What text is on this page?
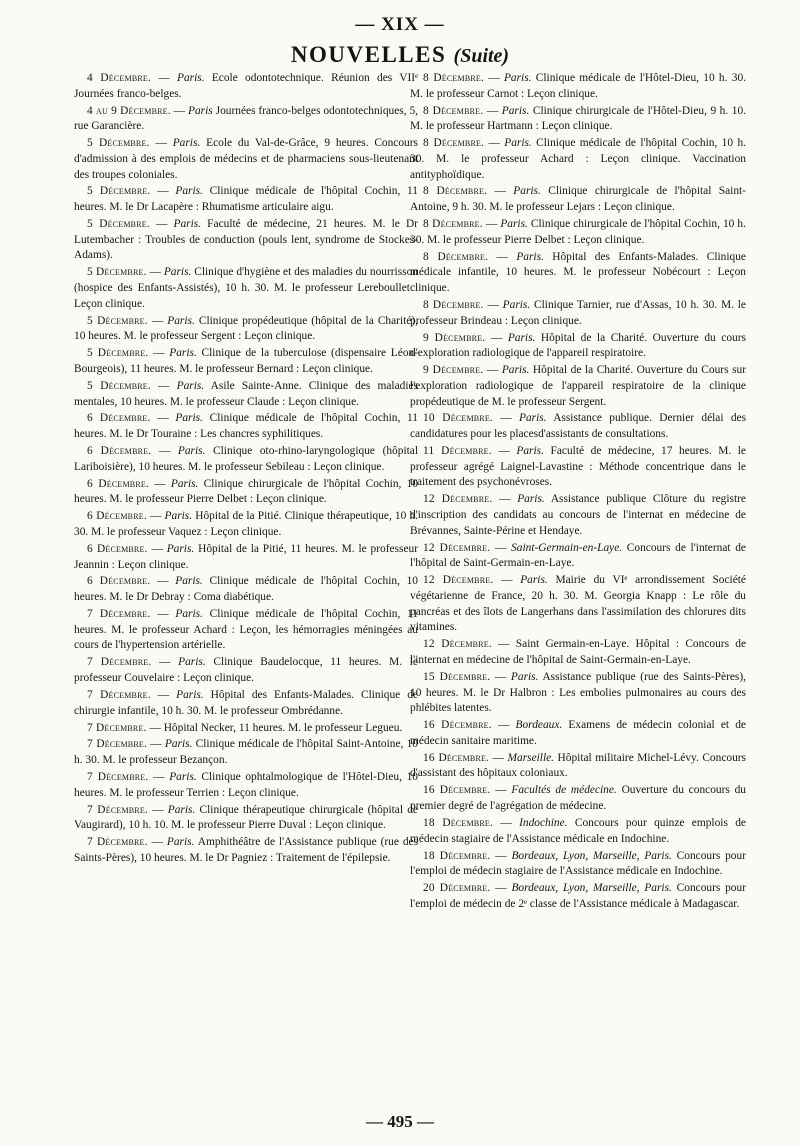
— XIX —
NOUVELLES (Suite)

4 Décembre. — Paris. Ecole odontotechnique. Réunion des VIIᵉ Journées franco-belges.

4 au 9 Décembre. — Paris Journées franco-belges odontotechniques, 5, rue Garancière.

5 Décembre. — Paris. Ecole du Val-de-Grâce, 9 heures. Concours d'admission à des emplois de médecins et de pharmaciens sous-lieutenant des troupes coloniales.

5 Décembre. — Paris. Clinique médicale de l'hôpital Cochin, 11 heures. M. le Dr Lacapère : Rhumatisme articulaire aigu.

5 Décembre. — Paris. Faculté de médecine, 21 heures. M. le Dr Lutembacher : Troubles de conduction (pouls lent, syndrome de Stockes-Adams).

5 Décembre. — Paris. Clinique d'hygiène et des maladies du nourrisson (hospice des Enfants-Assistés), 10 h. 30. M. le professeur Lereboullet : Leçon clinique.

5 Décembre. — Paris. Clinique propédeutique (hôpital de la Charité), 10 heures. M. le professeur Sergent : Leçon clinique.

5 Décembre. — Paris. Clinique de la tuberculose (dispensaire Léon-Bourgeois), 11 heures. M. le professeur Bernard : Leçon clinique.

5 Décembre. — Paris. Asile Sainte-Anne. Clinique des maladies mentales, 10 heures. M. le professeur Claude : Leçon clinique.

6 Décembre. — Paris. Clinique médicale de l'hôpital Cochin, 11 heures. M. le Dr Touraine : Les chancres syphilitiques.

6 Décembre. — Paris. Clinique oto-rhino-laryngologique (hôpital Lariboisière), 10 heures. M. le professeur Sebileau : Leçon clinique.

6 Décembre. — Paris. Clinique chirurgicale de l'hôpital Cochin, 10 heures. M. le professeur Pierre Delbet : Leçon clinique.

6 Décembre. — Paris. Hôpital de la Pitié. Clinique thérapeutique, 10 h. 30. M. le professeur Vaquez : Leçon clinique.

6 Décembre. — Paris. Hôpital de la Pitié, 11 heures. M. le professeur Jeannin : Leçon clinique.

6 Décembre. — Paris. Clinique médicale de l'hôpital Cochin, 10 heures. M. le Dr Debray : Coma diabétique.

7 Décembre. — Paris. Clinique médicale de l'hôpital Cochin, 11 heures. M. le professeur Achard : Leçon, les hémorragies méningées au cours de l'hypertension artérielle.

7 Décembre. — Paris. Clinique Baudelocque, 11 heures. M. le professeur Couvelaire : Leçon clinique.

7 Décembre. — Paris. Hôpital des Enfants-Malades. Clinique de chirurgie infantile, 10 h. 30. M. le professeur Ombrédanne.

7 Décembre. — Hôpital Necker, 11 heures. M. le professeur Legueu.

7 Décembre. — Paris. Clinique médicale de l'hôpital Saint-Antoine, 10 h. 30. M. le professeur Bezançon.

7 Décembre. — Paris. Clinique ophtalmologique de l'Hôtel-Dieu, 10 heures. M. le professeur Terrien : Leçon clinique.

7 Décembre. — Paris. Clinique thérapeutique chirurgicale (hôpital de Vaugirard), 10 h. 10. M. le professeur Pierre Duval : Leçon clinique.

7 Décembre. — Paris. Amphithéâtre de l'Assistance publique (rue des Saints-Pères), 10 heures. M. le Dr Pagniez : Traitement de l'épilepsie.

8 Décembre. — Paris. Clinique médicale de l'Hôtel-Dieu, 10 h. 30. M. le professeur Carnot : Leçon clinique.

8 Décembre. — Paris. Clinique chirurgicale de l'Hôtel-Dieu, 9 h. 10. M. le professeur Hartmann : Leçon clinique.

8 Décembre. — Paris. Clinique médicale de l'hôpital Cochin, 10 h. 30. M. le professeur Achard : Leçon clinique. Vaccination antityphoïdique.

8 Décembre. — Paris. Clinique chirurgicale de l'hôpital Saint-Antoine, 9 h. 30. M. le professeur Lejars : Leçon clinique.

8 Décembre. — Paris. Clinique chirurgicale de l'hôpital Cochin, 10 h. 30. M. le professeur Pierre Delbet : Leçon clinique.

8 Décembre. — Paris. Hôpital des Enfants-Malades. Clinique médicale infantile, 10 heures. M. le professeur Nobécourt : Leçon clinique.

8 Décembre. — Paris. Clinique Tarnier, rue d'Assas, 10 h. 30. M. le professeur Brindeau : Leçon clinique.

9 Décembre. — Paris. Hôpital de la Charité. Ouverture du cours d'exploration radiologique de l'appareil respiratoire.

9 Décembre. — Paris. Hôpital de la Charité. Ouverture du Cours sur l'exploration radiologique de l'appareil respiratoire de la clinique propédeutique de M. le professeur Sergent.

10 Décembre. — Paris. Assistance publique. Dernier délai des candidatures pour les placesd'assistants de consultations.

11 Décembre. — Paris. Faculté de médecine, 17 heures. M. le professeur agrégé Laignel-Lavastine : Méthode concentrique dans le traitement des psychonévroses.

12 Décembre. — Paris. Assistance publique Clôture du registre d'inscription des candidats au concours de l'internat en médecine de Brévannes, Sainte-Périne et Hendaye.

12 Décembre. — Saint-Germain-en-Laye. Concours de l'internat de l'hôpital de Saint-Germain-en-Laye.

12 Décembre. — Paris. Mairie du VIᵉ arrondissement Société végétarienne de France, 20 h. 30. M. Georgia Knapp : Le rôle du pancréas et des îlots de Langerhans dans l'assimilation des chlorures dits vitamines.

12 Décembre. — Saint Germain-en-Laye. Hôpital : Concours de l'internat en médecine de l'hôpital de Saint-Germain-en-Laye.

15 Décembre. — Paris. Assistance publique (rue des Saints-Pères), 10 heures. M. le Dr Halbron : Les embolies pulmonaires au cours des phlébites latentes.

16 Décembre. — Bordeaux. Examens de médecin colonial et de médecin sanitaire maritime.

16 Décembre. — Marseille. Hôpital militaire Michel-Lévy. Concours d'assistant des hôpitaux coloniaux.

16 Décembre. — Facultés de médecine. Ouverture du concours du premier degré de l'agrégation de médecine.

18 Décembre. — Indochine. Concours pour quinze emplois de médecin stagiaire de l'Assistance médicale en Indochine.

18 Décembre. — Bordeaux, Lyon, Marseille, Paris. Concours pour l'emploi de médecin stagiaire de l'Assistance médicale en Indochine.

20 Décembre. — Bordeaux, Lyon, Marseille, Paris. Concours pour l'emploi de médecin de 2ᵉ classe de l'Assistance médicale à Madagascar.

— 495 —
